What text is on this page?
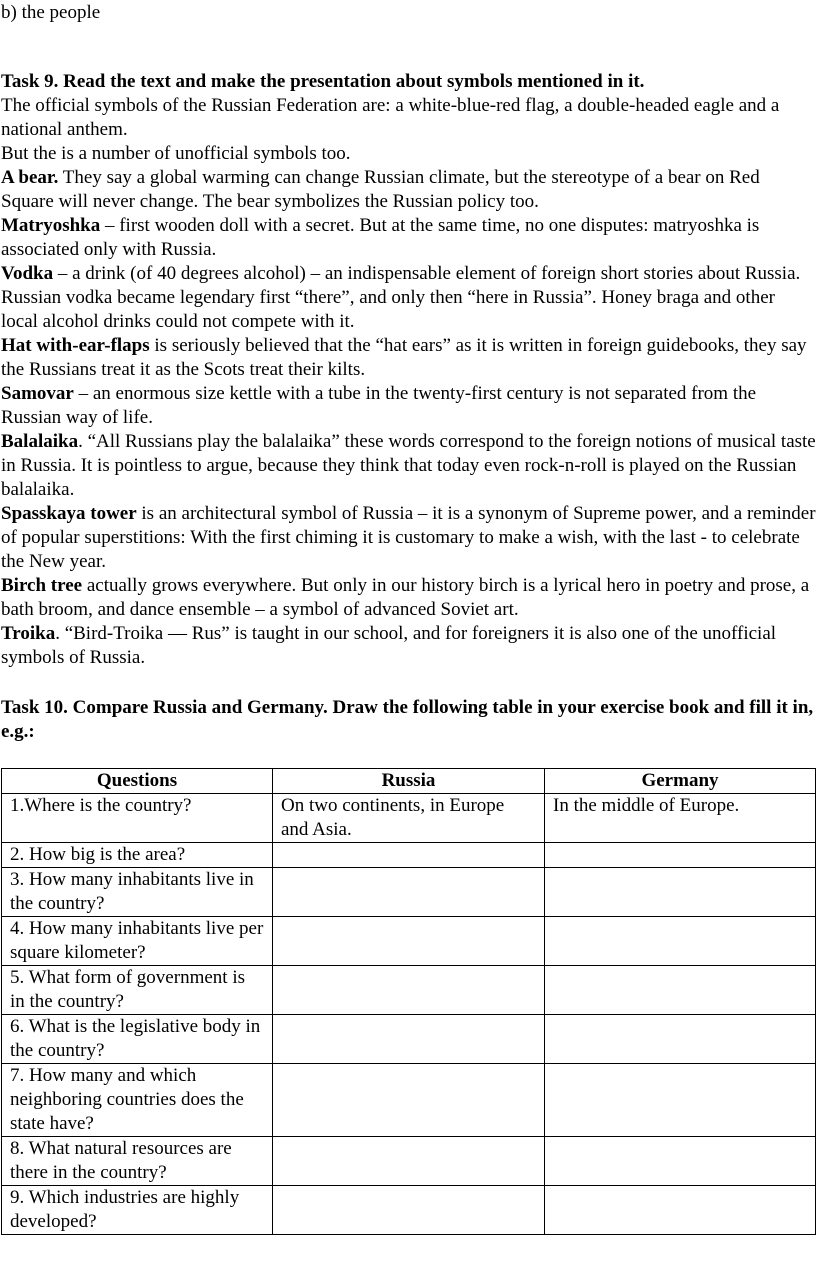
b) the people

Task 9. Read the text and make the presentation about symbols mentioned in it.

The official symbols of the Russian Federation are: a white-blue-red flag, a double-headed eagle and a national anthem.

But the is a number of unofficial symbols too.

A bear. They say a global warming can change Russian climate, but the stereotype of a bear on Red Square will never change. The bear symbolizes the Russian policy too.

Matryoshka – first wooden doll with a secret. But at the same time, no one disputes: matryoshka is associated only with Russia.

Vodka – a drink (of 40 degrees alcohol) – an indispensable element of foreign short stories about Russia. Russian vodka became legendary first “there”, and only then “here in Russia”. Honey braga and other local alcohol drinks could not compete with it.

Hat with-ear-flaps is seriously believed that the “hat ears” as it is written in foreign guidebooks, they say the Russians treat it as the Scots treat their kilts.

Samovar – an enormous size kettle with a tube in the twenty-first century is not separated from the Russian way of life.

Balalaika. “All Russians play the balalaika” these words correspond to the foreign notions of musical taste in Russia. It is pointless to argue, because they think that today even rock-n-roll is played on the Russian balalaika.

Spasskaya tower is an architectural symbol of Russia – it is a synonym of Supreme power, and a reminder of popular superstitions: With the first chiming it is customary to make a wish, with the last - to celebrate the New year.

Birch tree actually grows everywhere. But only in our history birch is a lyrical hero in poetry and prose, a bath broom, and dance ensemble – a symbol of advanced Soviet art.

Troika. “Bird-Troika — Rus” is taught in our school, and for foreigners it is also one of the unofficial symbols of Russia.

Task 10. Compare Russia and Germany. Draw the following table in your exercise book and fill it in, e.g.:

Questions	Russia	Germany
1.Where is the country?	On two continents, in Europe and Asia.	In the middle of Europe.
2. How big is the area?		
3. How many inhabitants live in the country?		
4. How many inhabitants live per square kilometer?		
5. What form of government is in the country?		
6. What is the legislative body in the country?		
7. How many and which neighboring countries does the state have?		
8. What natural resources are there in the country?		
9. Which industries are highly developed?		
